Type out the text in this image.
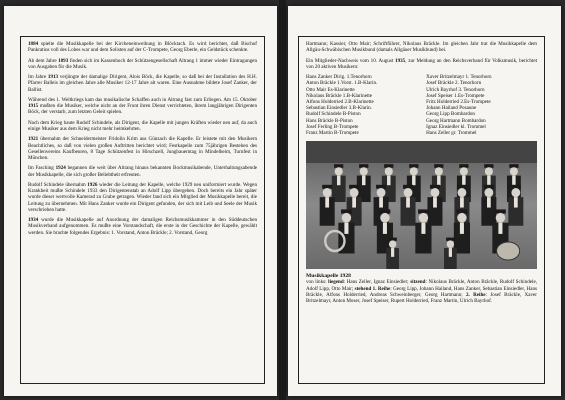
1884 spielte die Musikkapelle bei der Kircheneinweihung in Blöcktach. Es wird berichtet, daß Bischof Pankratius voll des Lobes war und dem Solisten auf der C-Trompete, Georg Eberle, ein Geldstück schenkte.

Ab dem Jahre 1893 finden sich im Kassenbuch der Schützengesellschaft Altrang 1 immer wieder Eintragungen von Ausgaben für die Musik.

Im Jahre 1913 verjüngte der damalige Dirigent, Alois Böck, die Kapelle, so daß bei der Installation des H.H. Pfarrer Balleis im gleichen Jahre alle Musiker 12-17 Jahre alt waren. Eine Ausnahme bildete Josef Zanker, der Ballist.

Während des 1. Weltkriegs kam das musikalische Schaffen auch in Altrang fast zum Erliegen. Am 15. Oktober 1915 mußten die Musiker, welche nicht an der Front ihren Dienst verrichteten, ihrem langjährigen Dirigenten Böck, der verstarb, zum letzten Geleit spielen.

Nach dem Krieg baute Rudolf Schindele, als Dirigent, die Kapelle mit jungen Kräften wieder neu auf, da auch einige Musiker aus dem Krieg nicht mehr heimkehrten.

1921 übernahm der Schneidermeister Fridolin Krim aus Günzach die Kapelle. Er leistete mit den Musikern Beachtliches, so daß von vielen großen Auftritten berichtet wird; Festkapelle zum 75jährigen Bestehen des Gesellenvereins Kaufbeuren, 8 Tage Schützenfest in Hirschzell, Jungbauerntag in Mindelheim, Turnfest in München.

Im Fasching 1924 begannen die weit über Altrang hinaus bekannten Bockmusikabende, Unterhaltungsabende der Musikkapelle, die sich großer Beliebtheit erfreuten.

Rudolf Schindele übernahm 1926 wieder die Leitung der Kapelle, welche 1929 neu uniformiert wurde. Wegen Krankheit mußte Schindele 1933 den Dirigentenstab an Adolf Lipp übergeben. Doch bereits ein Jahr später wurde dieser wertvolle Kamerad zu Grabe getragen. Wieder fand sich ein Mitglied der Musikkapelle bereit, die Leitung zu übernehmen. Mit Hans Zanker wurde ein Dirigent gefunden, der sich mit Leib und Seele der Musik verschrieben hatte.

1934 wurde die Musikkapelle auf Anordnung der damaligen Reichsmusikkammer in den Süddeutschen Musikverband aufgenommen. Es mußte eine Vorstandschaft, die erste in der Geschichte der Kapelle, gewählt werden. Sie brachte folgendes Ergebnis: 1. Vorstand, Anton Bräckle; 2. Vorstand, Georg

Hartmann; Kassier, Otto Mair; Schriftführer, Nikolaus Bräckle. Im gleichen Jahr trat die Musikkapelle dem Allgäu-Schwäbischen Musikbund (damals Allgäuer Musikbund) bei.

Ein Mitglieder-Nachweis vom 10. August 1935, zur Meldung an den Reichsverband für Volksmusik, berichtet von 20 aktiven Musikern:

Hans Zanker Dirig. 1.Tenorhorn
Anton Bräckle 1.Vorst. 1.B-Klarin.
Otto Mair Es-Klarinette
Nikolaus Bräckle 1.B-Klarinette
Alfons Holderried 2.B-Klarinette
Sebastian Einsiedler 3.B-Klarin.
Rudolf Schindele B-Piston
Hans Bräckle B-Piston
Josef Ferling B-Trompete
Franz Martin B-Trompete
Xaver Britzelmayr 1. Tenorhorn
Josef Bräckle 2. Tenorhorn
Ulrich Bayrhof 3. Tenorhorn
Josef Speiser 1.Es-Trompete
Fritz Holderried 2.Es-Trompete
Johann Hailand Posaune
Georg Lipp Bombardon
Georg Hartmann Bombardon
Ignaz Einsiedler kl. Trommel
Hans Zeller gr. Trommel
Musikkapelle 1928
von links: liegend: Hans Zeller, Ignaz Einsiedler; sitzend: Nikolaus Bräckle, Anton Bräckle, Rudolf Schindele, Adolf Lipp, Otto Mair; stehend 1. Reihe: Georg Lipp, Johann Hailand, Hans Zanker, Sebastian Einsiedler, Hans Bräckle, Alfons Holderried, Andreas Schweinberger, Georg Hartmann; 2. Reihe: Josef Bräckle, Xaver Britzelmayr, Anton Moser, Josef Speiser, Rupert Holderried, Franz Martin, Ulrich Bayrhof.
